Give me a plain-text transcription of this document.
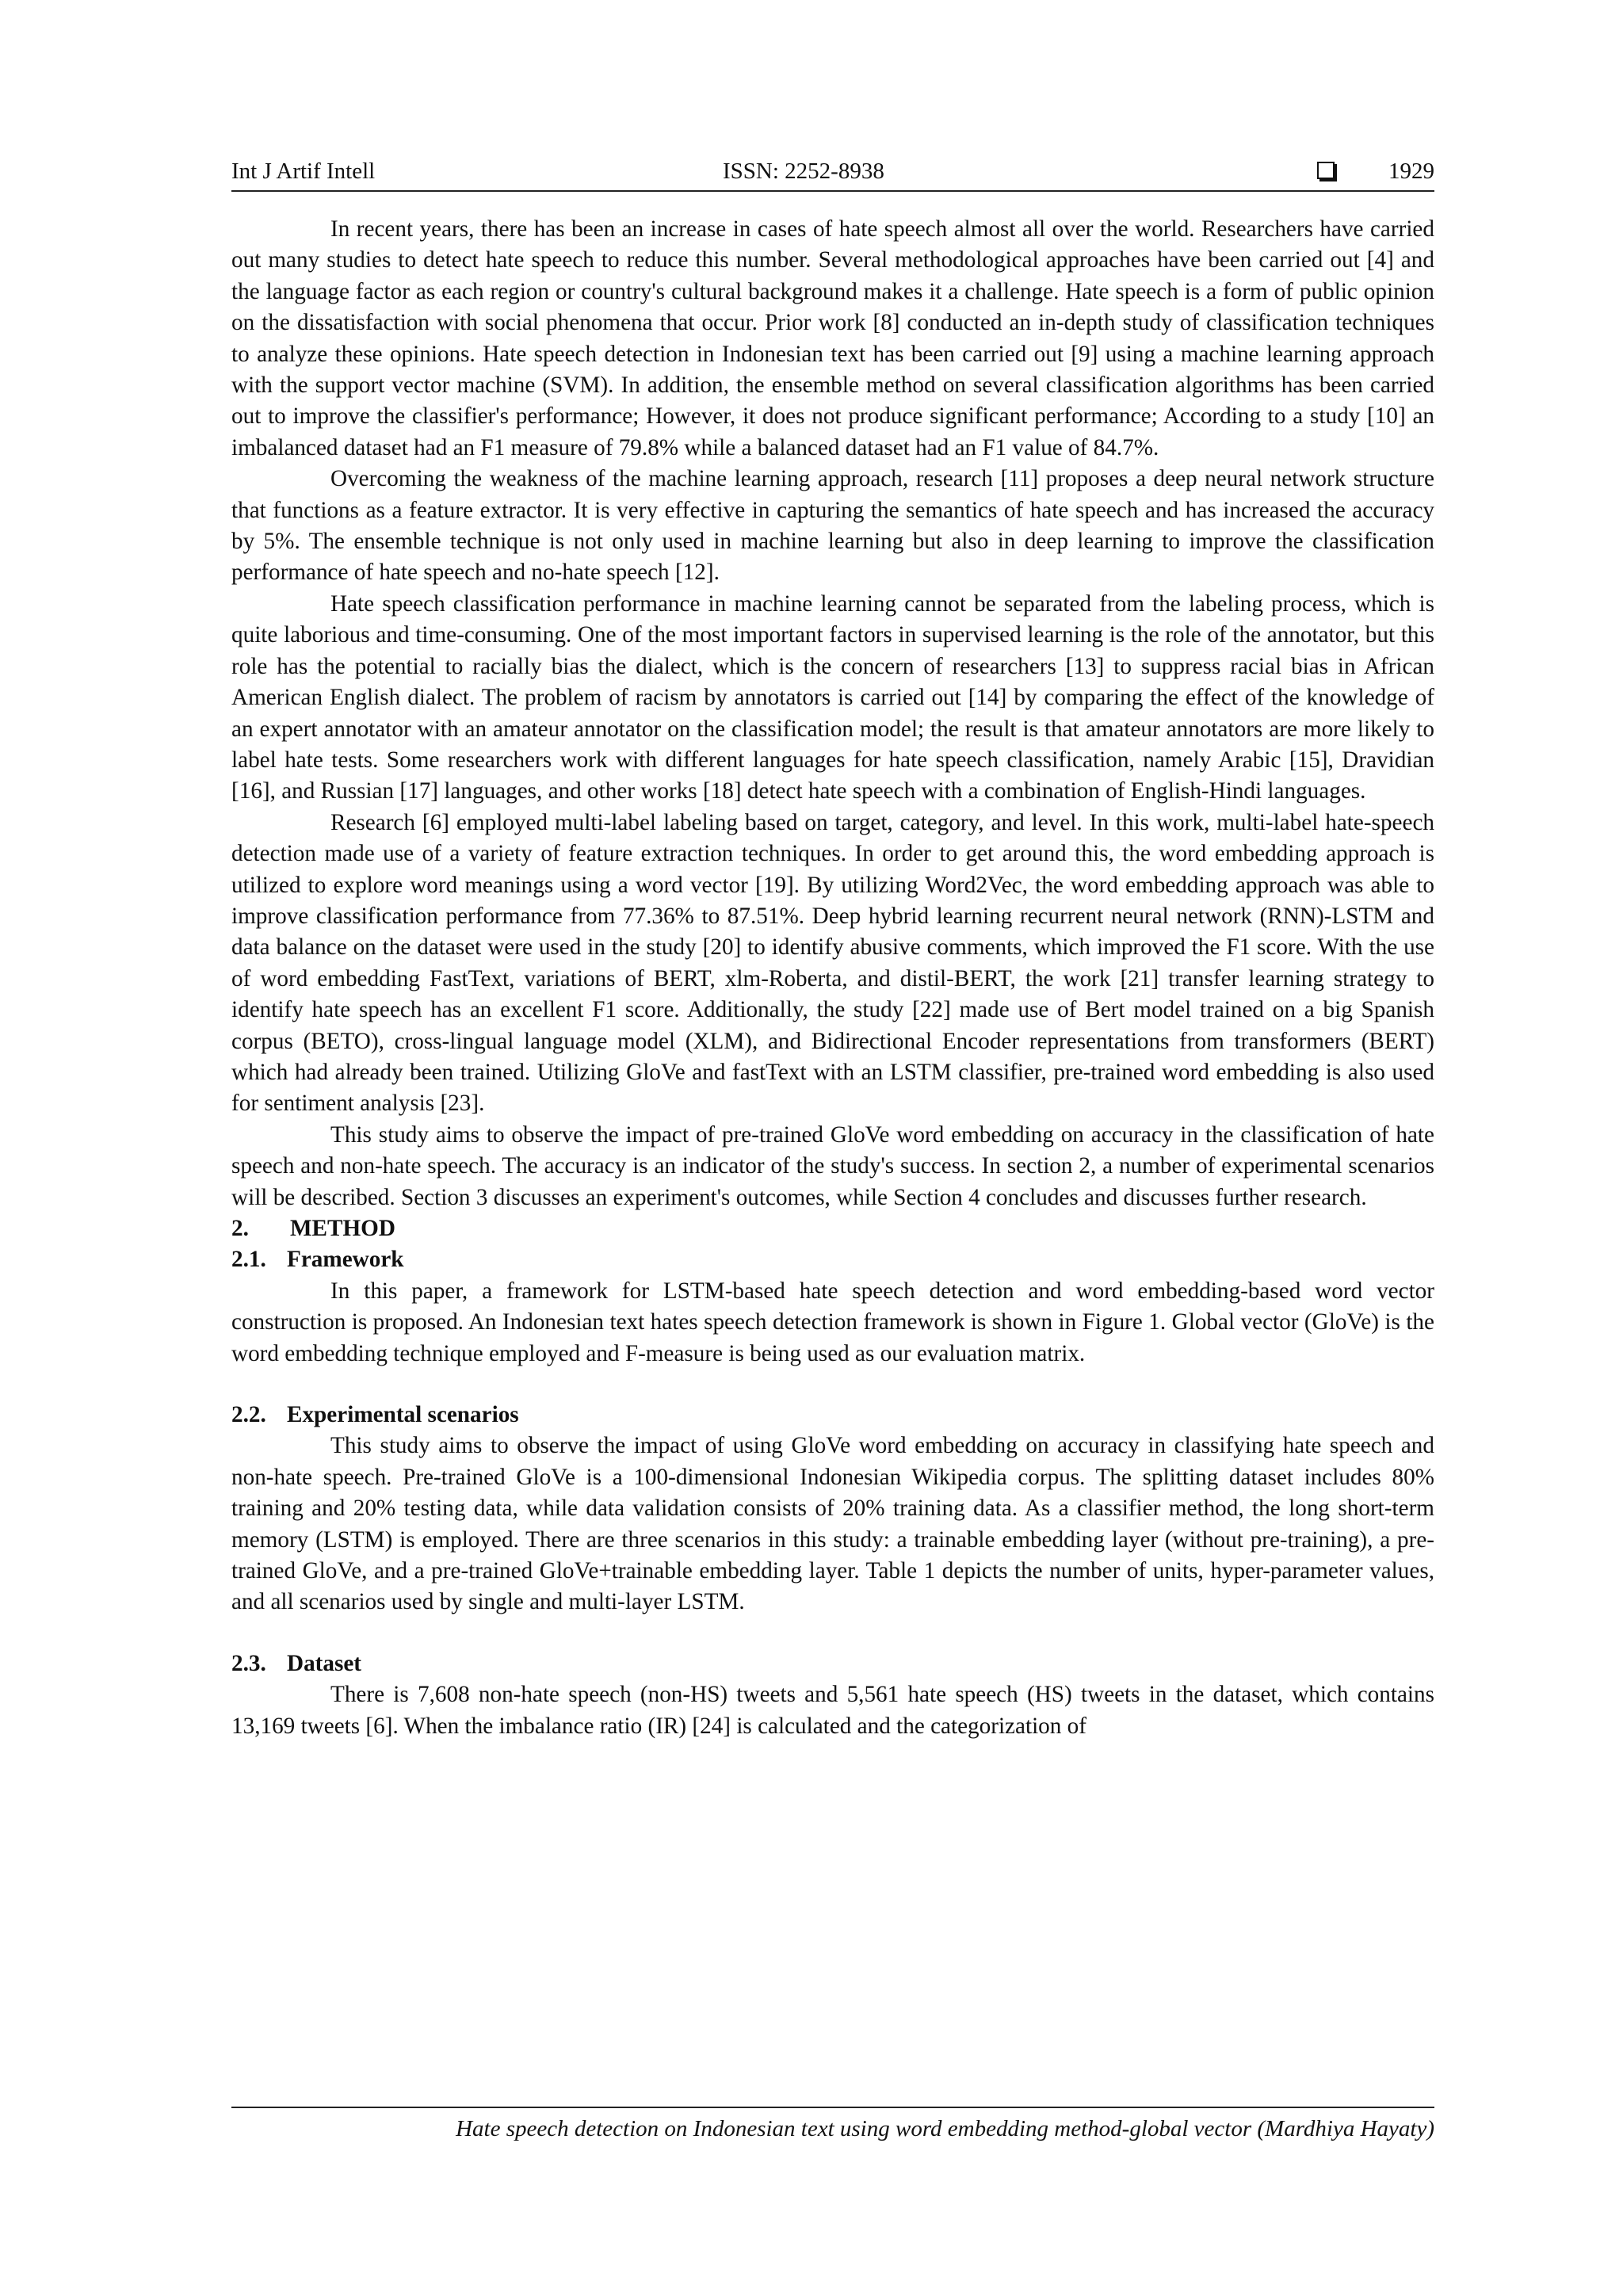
Int J Artif Intell	ISSN: 2252-8938	1929

In recent years, there has been an increase in cases of hate speech almost all over the world. Researchers have carried out many studies to detect hate speech to reduce this number. Several methodological approaches have been carried out [4] and the language factor as each region or country's cultural background makes it a challenge. Hate speech is a form of public opinion on the dissatisfaction with social phenomena that occur. Prior work [8] conducted an in-depth study of classification techniques to analyze these opinions. Hate speech detection in Indonesian text has been carried out [9] using a machine learning approach with the support vector machine (SVM). In addition, the ensemble method on several classification algorithms has been carried out to improve the classifier's performance; However, it does not produce significant performance; According to a study [10] an imbalanced dataset had an F1 measure of 79.8% while a balanced dataset had an F1 value of 84.7%.

Overcoming the weakness of the machine learning approach, research [11] proposes a deep neural network structure that functions as a feature extractor. It is very effective in capturing the semantics of hate speech and has increased the accuracy by 5%. The ensemble technique is not only used in machine learning but also in deep learning to improve the classification performance of hate speech and no-hate speech [12].

Hate speech classification performance in machine learning cannot be separated from the labeling process, which is quite laborious and time-consuming. One of the most important factors in supervised learning is the role of the annotator, but this role has the potential to racially bias the dialect, which is the concern of researchers [13] to suppress racial bias in African American English dialect. The problem of racism by annotators is carried out [14] by comparing the effect of the knowledge of an expert annotator with an amateur annotator on the classification model; the result is that amateur annotators are more likely to label hate tests. Some researchers work with different languages for hate speech classification, namely Arabic [15], Dravidian [16], and Russian [17] languages, and other works [18] detect hate speech with a combination of English-Hindi languages.

Research [6] employed multi-label labeling based on target, category, and level. In this work, multi-label hate-speech detection made use of a variety of feature extraction techniques. In order to get around this, the word embedding approach is utilized to explore word meanings using a word vector [19]. By utilizing Word2Vec, the word embedding approach was able to improve classification performance from 77.36% to 87.51%. Deep hybrid learning recurrent neural network (RNN)-LSTM and data balance on the dataset were used in the study [20] to identify abusive comments, which improved the F1 score. With the use of word embedding FastText, variations of BERT, xlm-Roberta, and distil-BERT, the work [21] transfer learning strategy to identify hate speech has an excellent F1 score. Additionally, the study [22] made use of Bert model trained on a big Spanish corpus (BETO), cross-lingual language model (XLM), and Bidirectional Encoder representations from transformers (BERT) which had already been trained. Utilizing GloVe and fastText with an LSTM classifier, pre-trained word embedding is also used for sentiment analysis [23].

This study aims to observe the impact of pre-trained GloVe word embedding on accuracy in the classification of hate speech and non-hate speech. The accuracy is an indicator of the study's success. In section 2, a number of experimental scenarios will be described. Section 3 discusses an experiment's outcomes, while Section 4 concludes and discusses further research.

2. METHOD

2.1. Framework

In this paper, a framework for LSTM-based hate speech detection and word embedding-based word vector construction is proposed. An Indonesian text hates speech detection framework is shown in Figure 1. Global vector (GloVe) is the word embedding technique employed and F-measure is being used as our evaluation matrix.

2.2. Experimental scenarios

This study aims to observe the impact of using GloVe word embedding on accuracy in classifying hate speech and non-hate speech. Pre-trained GloVe is a 100-dimensional Indonesian Wikipedia corpus. The splitting dataset includes 80% training and 20% testing data, while data validation consists of 20% training data. As a classifier method, the long short-term memory (LSTM) is employed. There are three scenarios in this study: a trainable embedding layer (without pre-training), a pre-trained GloVe, and a pre-trained GloVe+trainable embedding layer. Table 1 depicts the number of units, hyper-parameter values, and all scenarios used by single and multi-layer LSTM.

2.3. Dataset

There is 7,608 non-hate speech (non-HS) tweets and 5,561 hate speech (HS) tweets in the dataset, which contains 13,169 tweets [6]. When the imbalance ratio (IR) [24] is calculated and the categorization of

Hate speech detection on Indonesian text using word embedding method-global vector (Mardhiya Hayaty)
